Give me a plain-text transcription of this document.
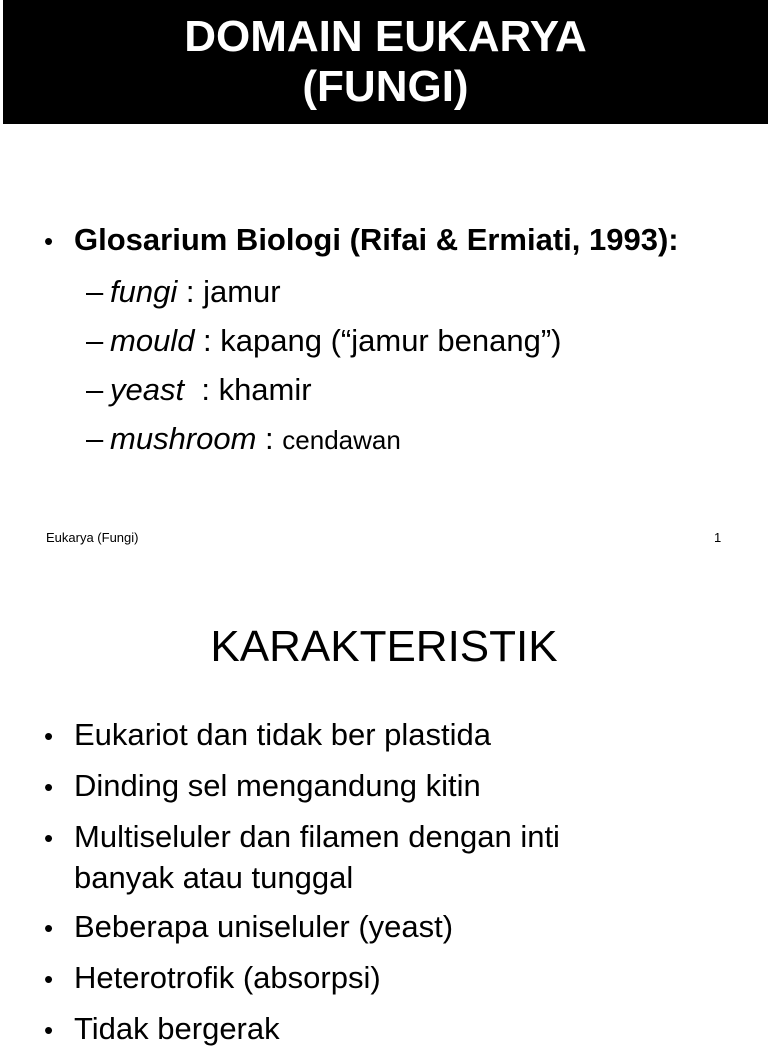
DOMAIN EUKARYA
(FUNGI)
• Glosarium Biologi (Rifai & Ermiati, 1993):
– fungi : jamur
– mould : kapang (“jamur benang”)
– yeast : khamir
– mushroom : cendawan
Eukarya (Fungi)	1
KARAKTERISTIK
• Eukariot dan tidak ber plastida
• Dinding sel mengandung kitin
• Multiseluler dan filamen dengan inti
banyak atau tunggal
• Beberapa uniseluler (yeast)
• Heterotrofik (absorpsi)
• Tidak bergerak
